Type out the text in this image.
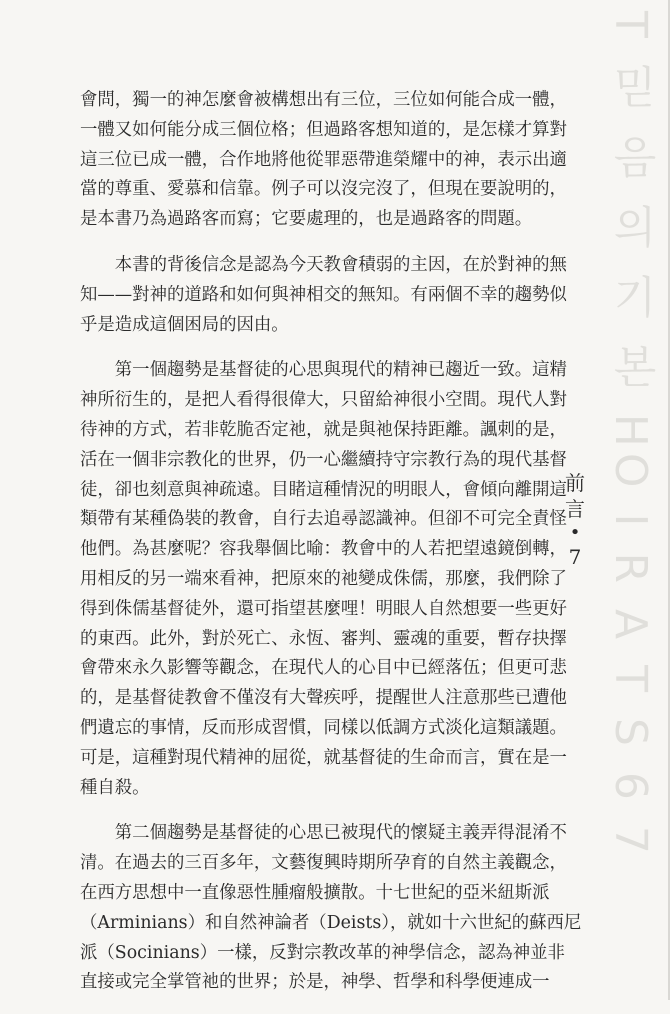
T 믿 음 의 기 본 HO I R A T S 6 7

會問，獨一的神怎麼會被構想出有三位，三位如何能合成一體，
一體又如何能分成三個位格；但過路客想知道的，是怎樣才算對
這三位已成一體，合作地將他從罪惡帶進榮耀中的神，表示出適
當的尊重、愛慕和信靠。例子可以沒完沒了，但現在要說明的，
是本書乃為過路客而寫；它要處理的，也是過路客的問題。

　　本書的背後信念是認為今天教會積弱的主因，在於對神的無
知——對神的道路和如何與神相交的無知。有兩個不幸的趨勢似
乎是造成這個困局的因由。

　　第一個趨勢是基督徒的心思與現代的精神已趨近一致。這精
神所衍生的，是把人看得很偉大，只留給神很小空間。現代人對
待神的方式，若非乾脆否定祂，就是與祂保持距離。諷刺的是，
活在一個非宗教化的世界，仍一心繼續持守宗教行為的現代基督
徒，卻也刻意與神疏遠。目睹這種情況的明眼人，會傾向離開這
類帶有某種偽裝的教會，自行去追尋認識神。但卻不可完全責怪
他們。為甚麼呢？容我舉個比喻：教會中的人若把望遠鏡倒轉，
用相反的另一端來看神，把原來的祂變成侏儒，那麼，我們除了
得到侏儒基督徒外，還可指望甚麼哩！明眼人自然想要一些更好
的東西。此外，對於死亡、永恆、審判、靈魂的重要，暫存抉擇
會帶來永久影響等觀念，在現代人的心目中已經落伍；但更可悲
的，是基督徒教會不僅沒有大聲疾呼，提醒世人注意那些已遭他
們遺忘的事情，反而形成習慣，同樣以低調方式淡化這類議題。
可是，這種對現代精神的屈從，就基督徒的生命而言，實在是一
種自殺。

　　第二個趨勢是基督徒的心思已被現代的懷疑主義弄得混淆不
清。在過去的三百多年，文藝復興時期所孕育的自然主義觀念，
在西方思想中一直像惡性腫瘤般擴散。十七世紀的亞米紐斯派
（Arminians）和自然神論者（Deists），就如十六世紀的蘇西尼
派（Socinians）一樣，反對宗教改革的神學信念，認為神並非
直接或完全掌管祂的世界；於是，神學、哲學和科學便連成一

前
言
•
7
